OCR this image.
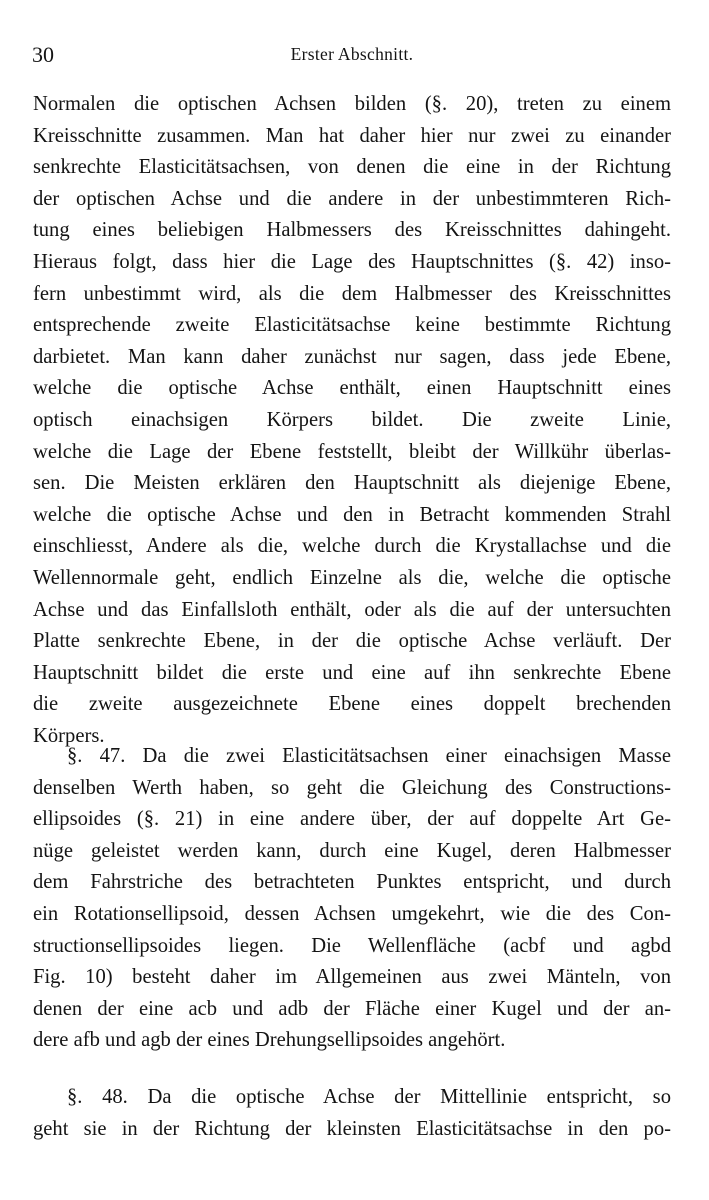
30	Erster Abschnitt.
Normalen die optischen Achsen bilden (§. 20), treten zu einem
Kreisschnitte zusammen. Man hat daher hier nur zwei zu einander
senkrechte Elasticitätsachsen, von denen die eine in der Richtung
der optischen Achse und die andere in der unbestimmteren Rich-
tung eines beliebigen Halbmessers des Kreisschnittes dahingeht.
Hieraus folgt, dass hier die Lage des Hauptschnittes (§. 42) inso-
fern unbestimmt wird, als die dem Halbmesser des Kreisschnittes
entsprechende zweite Elasticitätsachse keine bestimmte Richtung
darbietet. Man kann daher zunächst nur sagen, dass jede Ebene,
welche die optische Achse enthält, einen Hauptschnitt eines
optisch einachsigen Körpers bildet. Die zweite Linie,
welche die Lage der Ebene feststellt, bleibt der Willkühr überlas-
sen. Die Meisten erklären den Hauptschnitt als diejenige Ebene,
welche die optische Achse und den in Betracht kommenden Strahl
einschliesst, Andere als die, welche durch die Krystallachse und die
Wellennormale geht, endlich Einzelne als die, welche die optische
Achse und das Einfallsloth enthält, oder als die auf der untersuchten
Platte senkrechte Ebene, in der die optische Achse verläuft. Der
Hauptschnitt bildet die erste und eine auf ihn senkrechte Ebene
die zweite ausgezeichnete Ebene eines doppelt brechenden
Körpers.
§. 47. Da die zwei Elasticitätsachsen einer einachsigen Masse
denselben Werth haben, so geht die Gleichung des Constructions-
ellipsoides (§. 21) in eine andere über, der auf doppelte Art Ge-
nüge geleistet werden kann, durch eine Kugel, deren Halbmesser
dem Fahrstriche des betrachteten Punktes entspricht, und durch
ein Rotationsellipsoid, dessen Achsen umgekehrt, wie die des Con-
structionsellipsoides liegen. Die Wellenfläche (acbf und agbd
Fig. 10) besteht daher im Allgemeinen aus zwei Mänteln, von
denen der eine acb und adb der Fläche einer Kugel und der an-
dere afb und agb der eines Drehungsellipsoides angehört.
§. 48. Da die optische Achse der Mittellinie entspricht, so
geht sie in der Richtung der kleinsten Elasticitätsachse in den po-
